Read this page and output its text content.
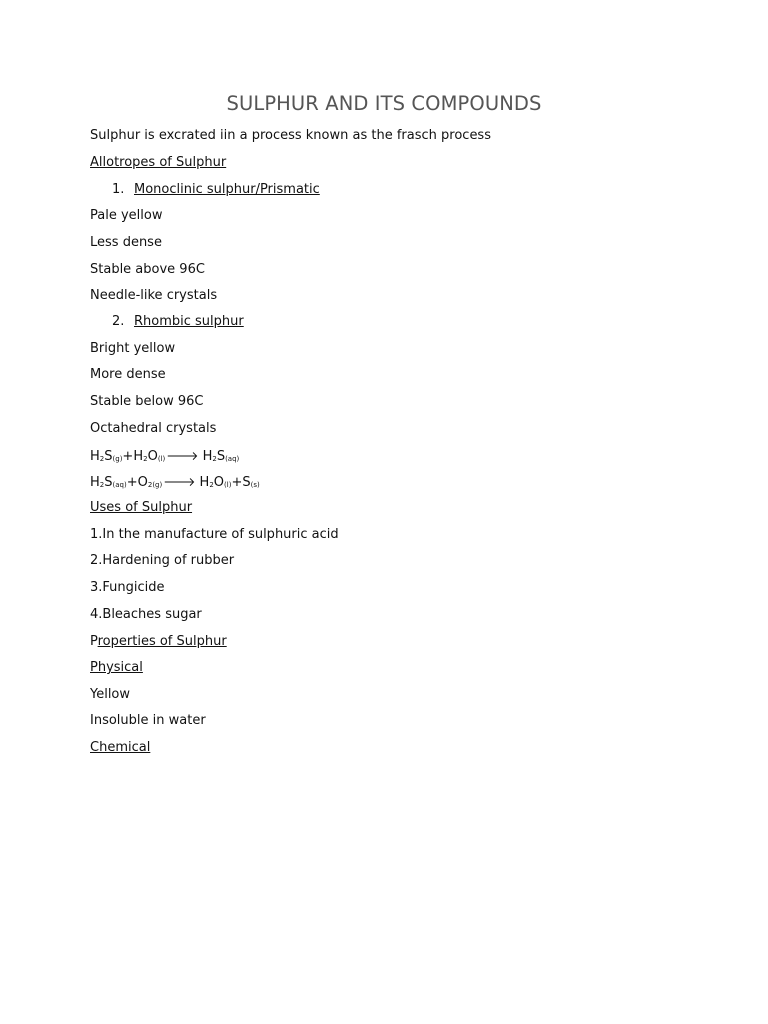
SULPHUR AND ITS COMPOUNDS
Sulphur is excrated iin a process known as the frasch process
Allotropes of Sulphur
1. Monoclinic sulphur/Prismatic
Pale yellow
Less dense
Stable above 96C
Needle-like crystals
2. Rhombic sulphur
Bright yellow
More dense
Stable below 96C
Octahedral crystals
$H_2S_{(g)}+H_2O_{(l)}🡒$ $H_2S_{(aq)}$
$H_2S_{(aq)}+O_{2(g)}🡒$ $H_2O_{(l)}+S_{(s)}$
Uses of Sulphur
1.In the manufacture of sulphuric acid
2.Hardening of rubber
3.Fungicide
4.Bleaches sugar
Properties of Sulphur
Physical
Yellow
Insoluble in water
Chemical
